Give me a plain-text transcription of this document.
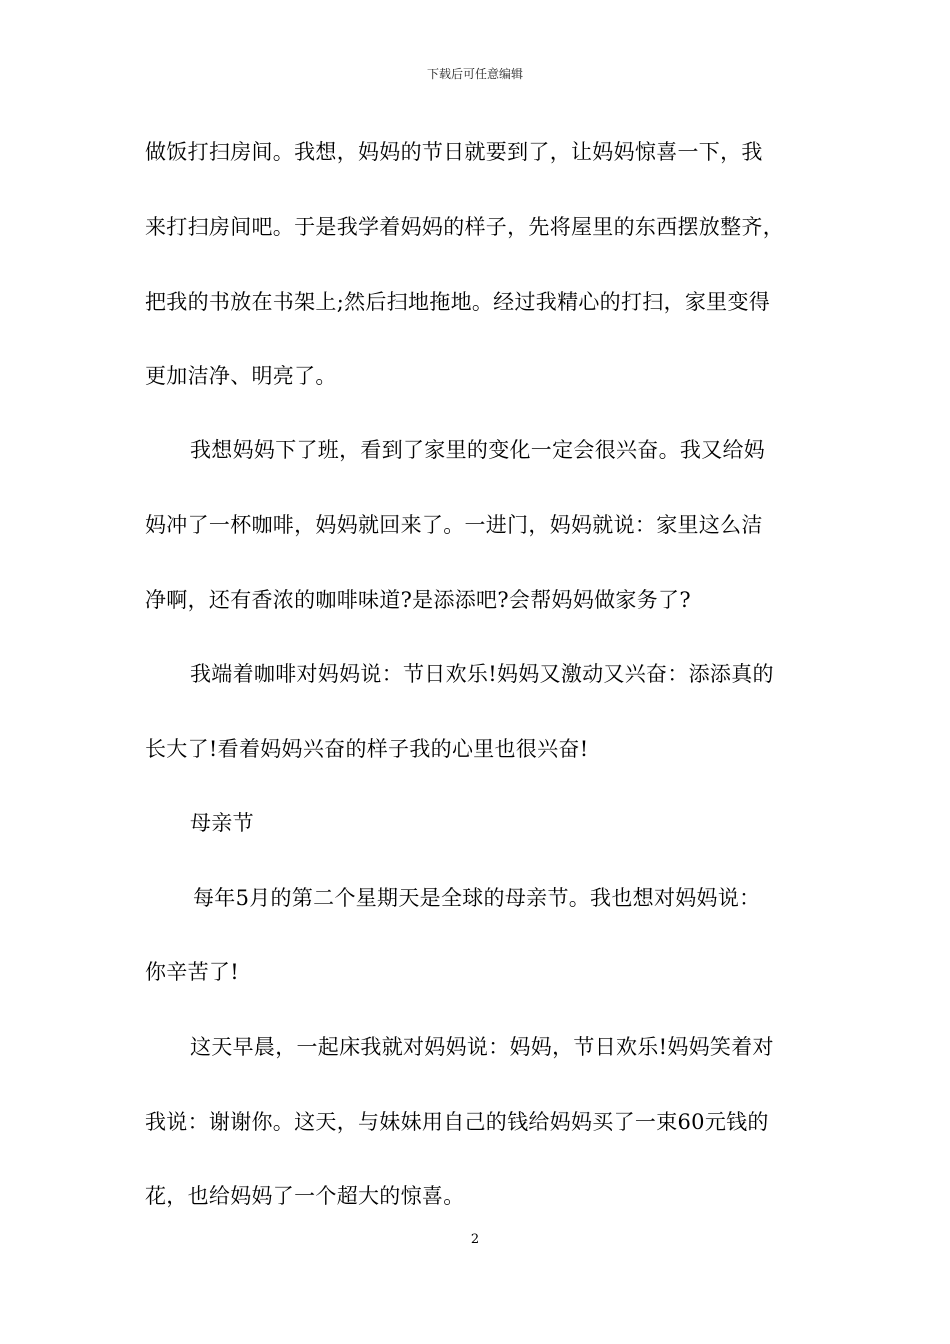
下载后可任意编辑
做饭打扫房间。我想，妈妈的节日就要到了，让妈妈惊喜一下，我
来打扫房间吧。于是我学着妈妈的样子，先将屋里的东西摆放整齐，
把我的书放在书架上;然后扫地拖地。经过我精心的打扫，家里变得
更加洁净、明亮了。
我想妈妈下了班，看到了家里的变化一定会很兴奋。我又给妈
妈冲了一杯咖啡，妈妈就回来了。一进门，妈妈就说：家里这么洁
净啊，还有香浓的咖啡味道?是添添吧?会帮妈妈做家务了?
我端着咖啡对妈妈说：节日欢乐!妈妈又激动又兴奋：添添真的
长大了!看着妈妈兴奋的样子我的心里也很兴奋!
母亲节
每年5月的第二个星期天是全球的母亲节。我也想对妈妈说：
你辛苦了!
这天早晨，一起床我就对妈妈说：妈妈，节日欢乐!妈妈笑着对
我说：谢谢你。这天，与妹妹用自己的钱给妈妈买了一束60元钱的
花，也给妈妈了一个超大的惊喜。
2
